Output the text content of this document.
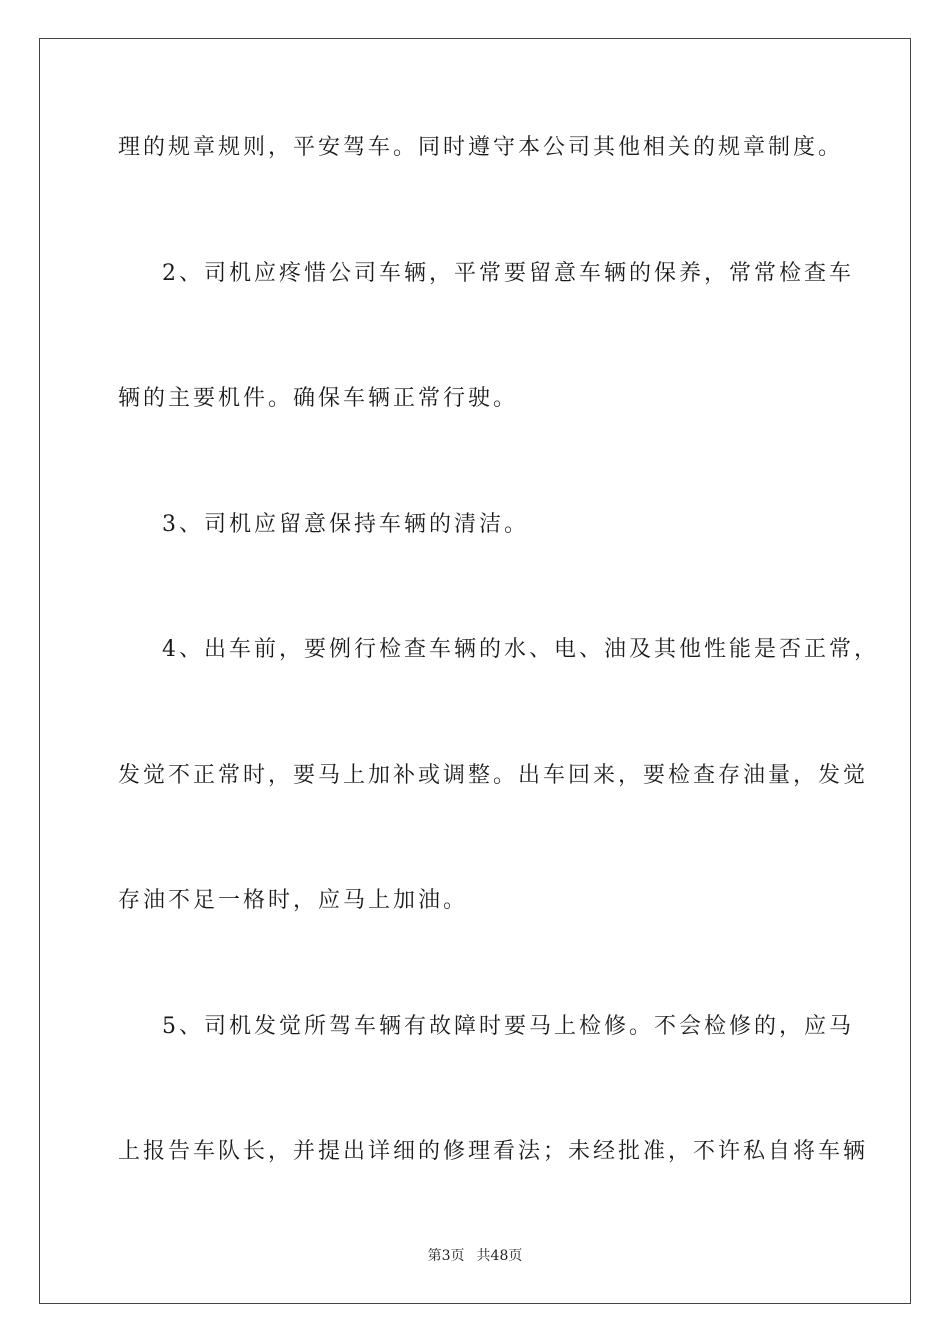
理的规章规则，平安驾车。同时遵守本公司其他相关的规章制度。
2、司机应疼惜公司车辆，平常要留意车辆的保养，常常检查车
辆的主要机件。确保车辆正常行驶。
3、司机应留意保持车辆的清洁。
4、出车前，要例行检查车辆的水、电、油及其他性能是否正常，
发觉不正常时，要马上加补或调整。出车回来，要检查存油量，发觉
存油不足一格时，应马上加油。
5、司机发觉所驾车辆有故障时要马上检修。不会检修的，应马
上报告车队长，并提出详细的修理看法；未经批准，不许私自将车辆
第3页 共48页
